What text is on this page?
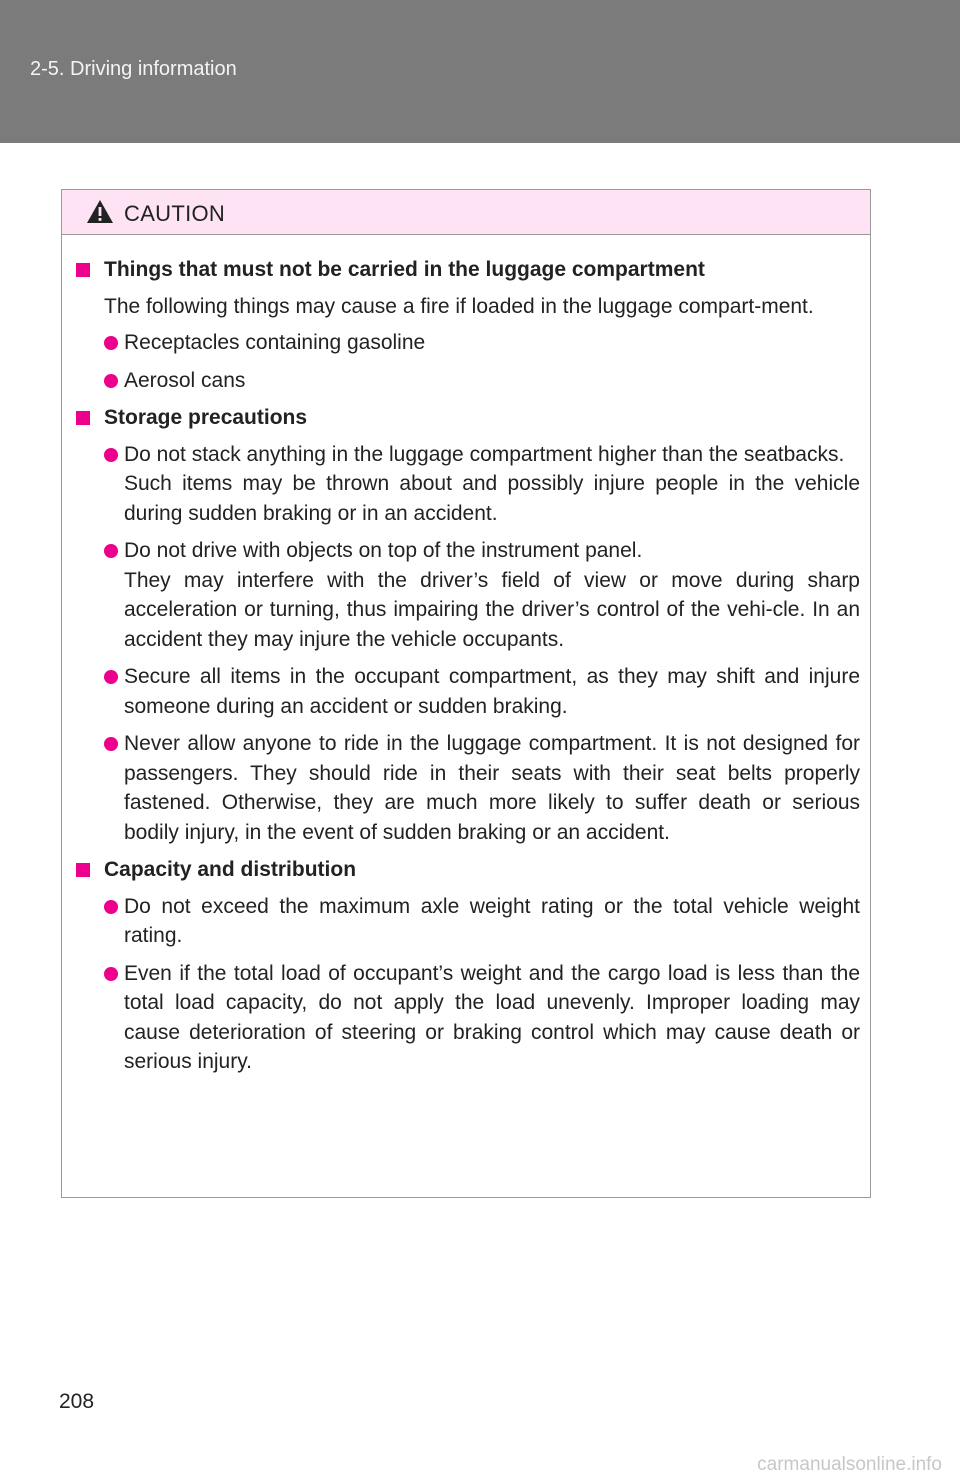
2-5. Driving information
CAUTION
Things that must not be carried in the luggage compartment
The following things may cause a fire if loaded in the luggage compart-ment.
Receptacles containing gasoline
Aerosol cans
Storage precautions
Do not stack anything in the luggage compartment higher than the seatbacks.
Such items may be thrown about and possibly injure people in the vehicle during sudden braking or in an accident.
Do not drive with objects on top of the instrument panel.
They may interfere with the driver’s field of view or move during sharp acceleration or turning, thus impairing the driver’s control of the vehi-cle. In an accident they may injure the vehicle occupants.
Secure all items in the occupant compartment, as they may shift and injure someone during an accident or sudden braking.
Never allow anyone to ride in the luggage compartment. It is not designed for passengers. They should ride in their seats with their seat belts properly fastened. Otherwise, they are much more likely to suffer death or serious bodily injury, in the event of sudden braking or an accident.
Capacity and distribution
Do not exceed the maximum axle weight rating or the total vehicle weight rating.
Even if the total load of occupant’s weight and the cargo load is less than the total load capacity, do not apply the load unevenly. Improper loading may cause deterioration of steering or braking control which may cause death or serious injury.
208
carmanualsonline.info
